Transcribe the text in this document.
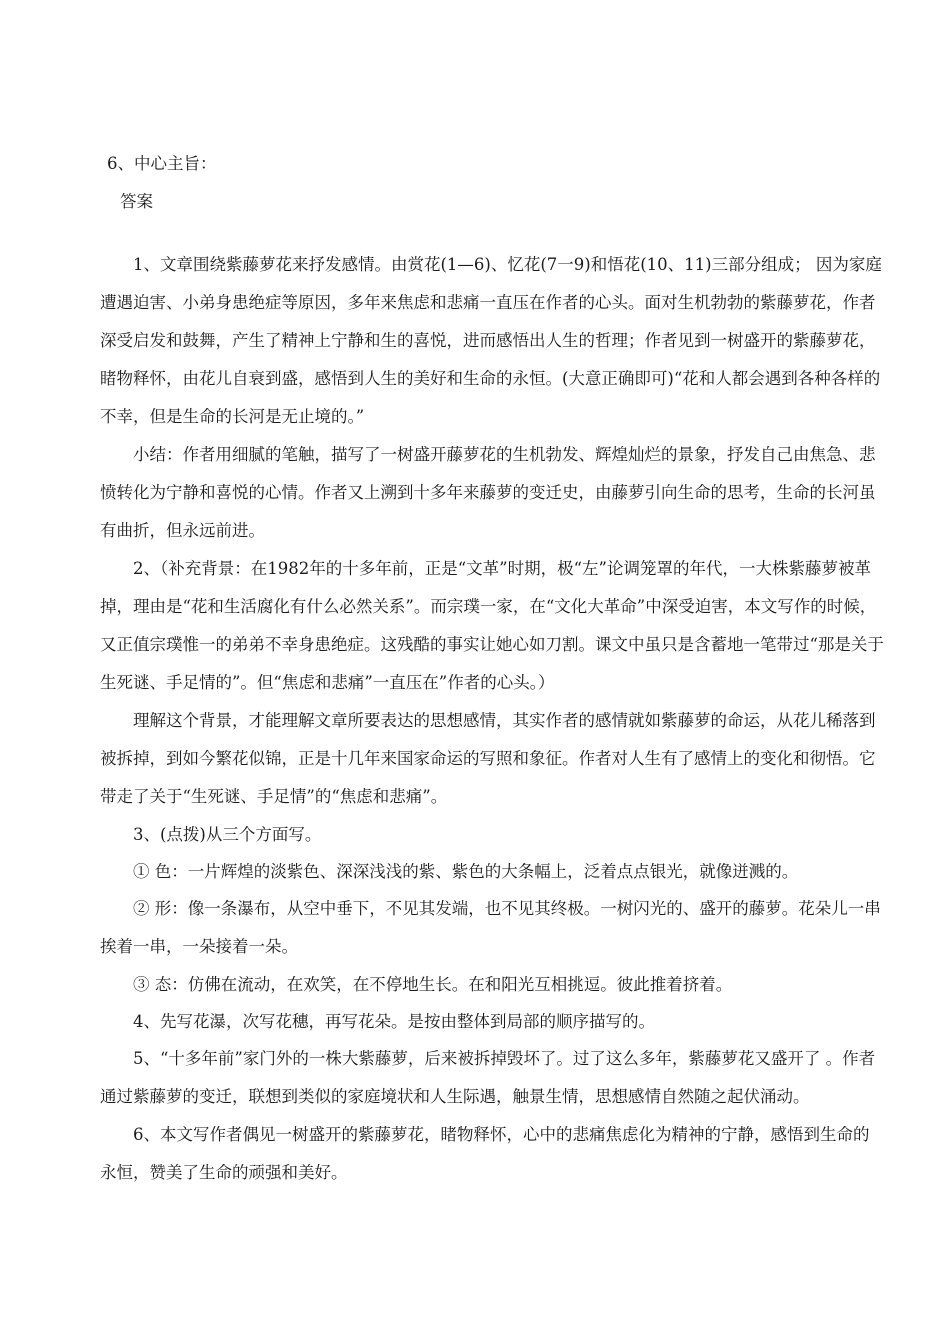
6、中心主旨：
答案

1、文章围绕紫藤萝花来抒发感情。由赏花(1—6)、忆花(7一9)和悟花(10、11)三部分组成； 因为家庭遭遇迫害、小弟身患绝症等原因，多年来焦虑和悲痛一直压在作者的心头。面对生机勃勃的紫藤萝花，作者深受启发和鼓舞，产生了精神上宁静和生的喜悦，进而感悟出人生的哲理；作者见到一树盛开的紫藤萝花，睹物释怀，由花儿自衰到盛，感悟到人生的美好和生命的永恒。(大意正确即可)“花和人都会遇到各种各样的不幸，但是生命的长河是无止境的。”

小结：作者用细腻的笔触，描写了一树盛开藤萝花的生机勃发、辉煌灿烂的景象，抒发自己由焦急、悲愤转化为宁静和喜悦的心情。作者又上溯到十多年来藤萝的变迁史，由藤萝引向生命的思考，生命的长河虽有曲折，但永远前进。

2、（补充背景：在1982年的十多年前，正是“文革”时期，极“左”论调笼罩的年代，一大株紫藤萝被革掉，理由是“花和生活腐化有什么必然关系”。而宗璞一家，在“文化大革命”中深受迫害，本文写作的时候，又正值宗璞惟一的弟弟不幸身患绝症。这残酷的事实让她心如刀割。课文中虽只是含蓄地一笔带过“那是关于生死谜、手足情的”。但“焦虑和悲痛”一直压在”作者的心头。）

理解这个背景，才能理解文章所要表达的思想感情，其实作者的感情就如紫藤萝的命运，从花儿稀落到被拆掉，到如今繁花似锦，正是十几年来国家命运的写照和象征。作者对人生有了感情上的变化和彻悟。它带走了关于“生死谜、手足情”的“焦虑和悲痛”。

3、(点拨)从三个方面写。

① 色：一片辉煌的淡紫色、深深浅浅的紫、紫色的大条幅上，泛着点点银光，就像迸溅的。

② 形：像一条瀑布，从空中垂下，不见其发端，也不见其终极。一树闪光的、盛开的藤萝。花朵儿一串挨着一串，一朵接着一朵。

③ 态：仿佛在流动，在欢笑，在不停地生长。在和阳光互相挑逗。彼此推着挤着。

4、先写花瀑，次写花穗，再写花朵。是按由整体到局部的顺序描写的。

5、“十多年前”家门外的一株大紫藤萝，后来被拆掉毁坏了。过了这么多年，紫藤萝花又盛开了 。作者通过紫藤萝的变迁，联想到类似的家庭境状和人生际遇，触景生情，思想感情自然随之起伏涌动。

6、本文写作者偶见一树盛开的紫藤萝花，睹物释怀，心中的悲痛焦虑化为精神的宁静，感悟到生命的永恒，赞美了生命的顽强和美好。
